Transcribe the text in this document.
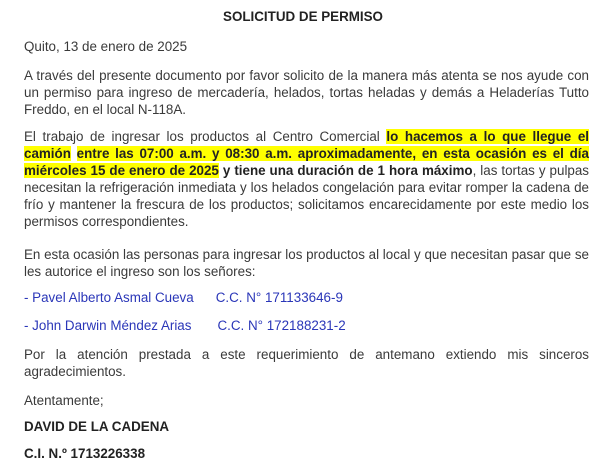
SOLICITUD DE PERMISO

Quito, 13 de enero de 2025

A través del presente documento por favor solicito de la manera más atenta se nos ayude con un permiso para ingreso de mercadería, helados, tortas heladas y demás a Heladerías Tutto Freddo, en el local N-118A.

El trabajo de ingresar los productos al Centro Comercial lo hacemos a lo que llegue el camión entre las 07:00 a.m. y 08:30 a.m. aproximadamente, en esta ocasión es el día miércoles 15 de enero de 2025 y tiene una duración de 1 hora máximo, las tortas y pulpas necesitan la refrigeración inmediata y los helados congelación para evitar romper la cadena de frío y mantener la frescura de los productos; solicitamos encarecidamente por este medio los permisos correspondientes.

En esta ocasión las personas para ingresar los productos al local y que necesitan pasar que se les autorice el ingreso son los señores:

- Pavel Alberto Asmal Cueva C.C. N° 171133646-9
- John Darwin Méndez Arias C.C. N° 172188231-2

Por la atención prestada a este requerimiento de antemano extiendo mis sinceros agradecimientos.

Atentamente;

DAVID DE LA CADENA
C.I. N.º 1713226338
